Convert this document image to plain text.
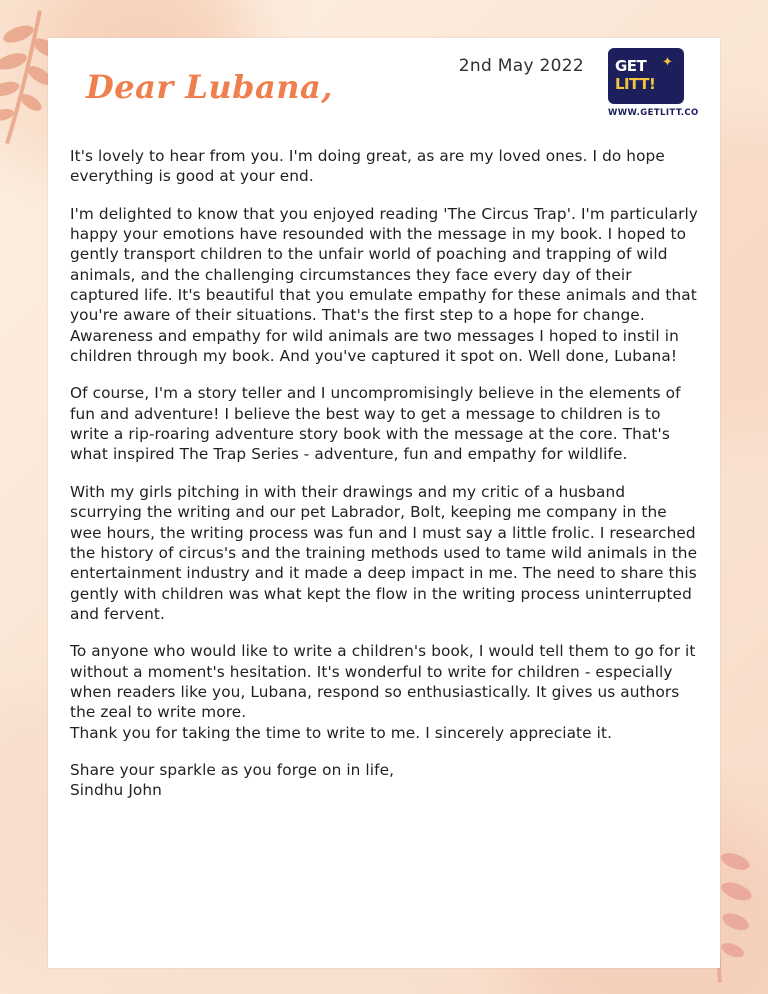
Dear Lubana,
2nd May 2022 GET
LITT!
✦
WWW.GETLITT.CO

It's lovely to hear from you. I'm doing great, as are my loved ones. I do hope everything is good at your end.

I'm delighted to know that you enjoyed reading 'The Circus Trap'. I'm particularly happy your emotions have resounded with the message in my book. I hoped to gently transport children to the unfair world of poaching and trapping of wild animals, and the challenging circumstances they face every day of their captured life. It's beautiful that you emulate empathy for these animals and that you're aware of their situations. That's the first step to a hope for change. Awareness and empathy for wild animals are two messages I hoped to instil in children through my book. And you've captured it spot on. Well done, Lubana!

Of course, I'm a story teller and I uncompromisingly believe in the elements of fun and adventure! I believe the best way to get a message to children is to write a rip-roaring adventure story book with the message at the core. That's what inspired The Trap Series - adventure, fun and empathy for wildlife.

With my girls pitching in with their drawings and my critic of a husband scurrying the writing and our pet Labrador, Bolt, keeping me company in the wee hours, the writing process was fun and I must say a little frolic. I researched the history of circus's and the training methods used to tame wild animals in the entertainment industry and it made a deep impact in me. The need to share this gently with children was what kept the flow in the writing process uninterrupted and fervent.

To anyone who would like to write a children's book, I would tell them to go for it without a moment's hesitation. It's wonderful to write for children - especially when readers like you, Lubana, respond so enthusiastically. It gives us authors the zeal to write more.

Thank you for taking the time to write to me. I sincerely appreciate it.

Share your sparkle as you forge on in life,

Sindhu John
